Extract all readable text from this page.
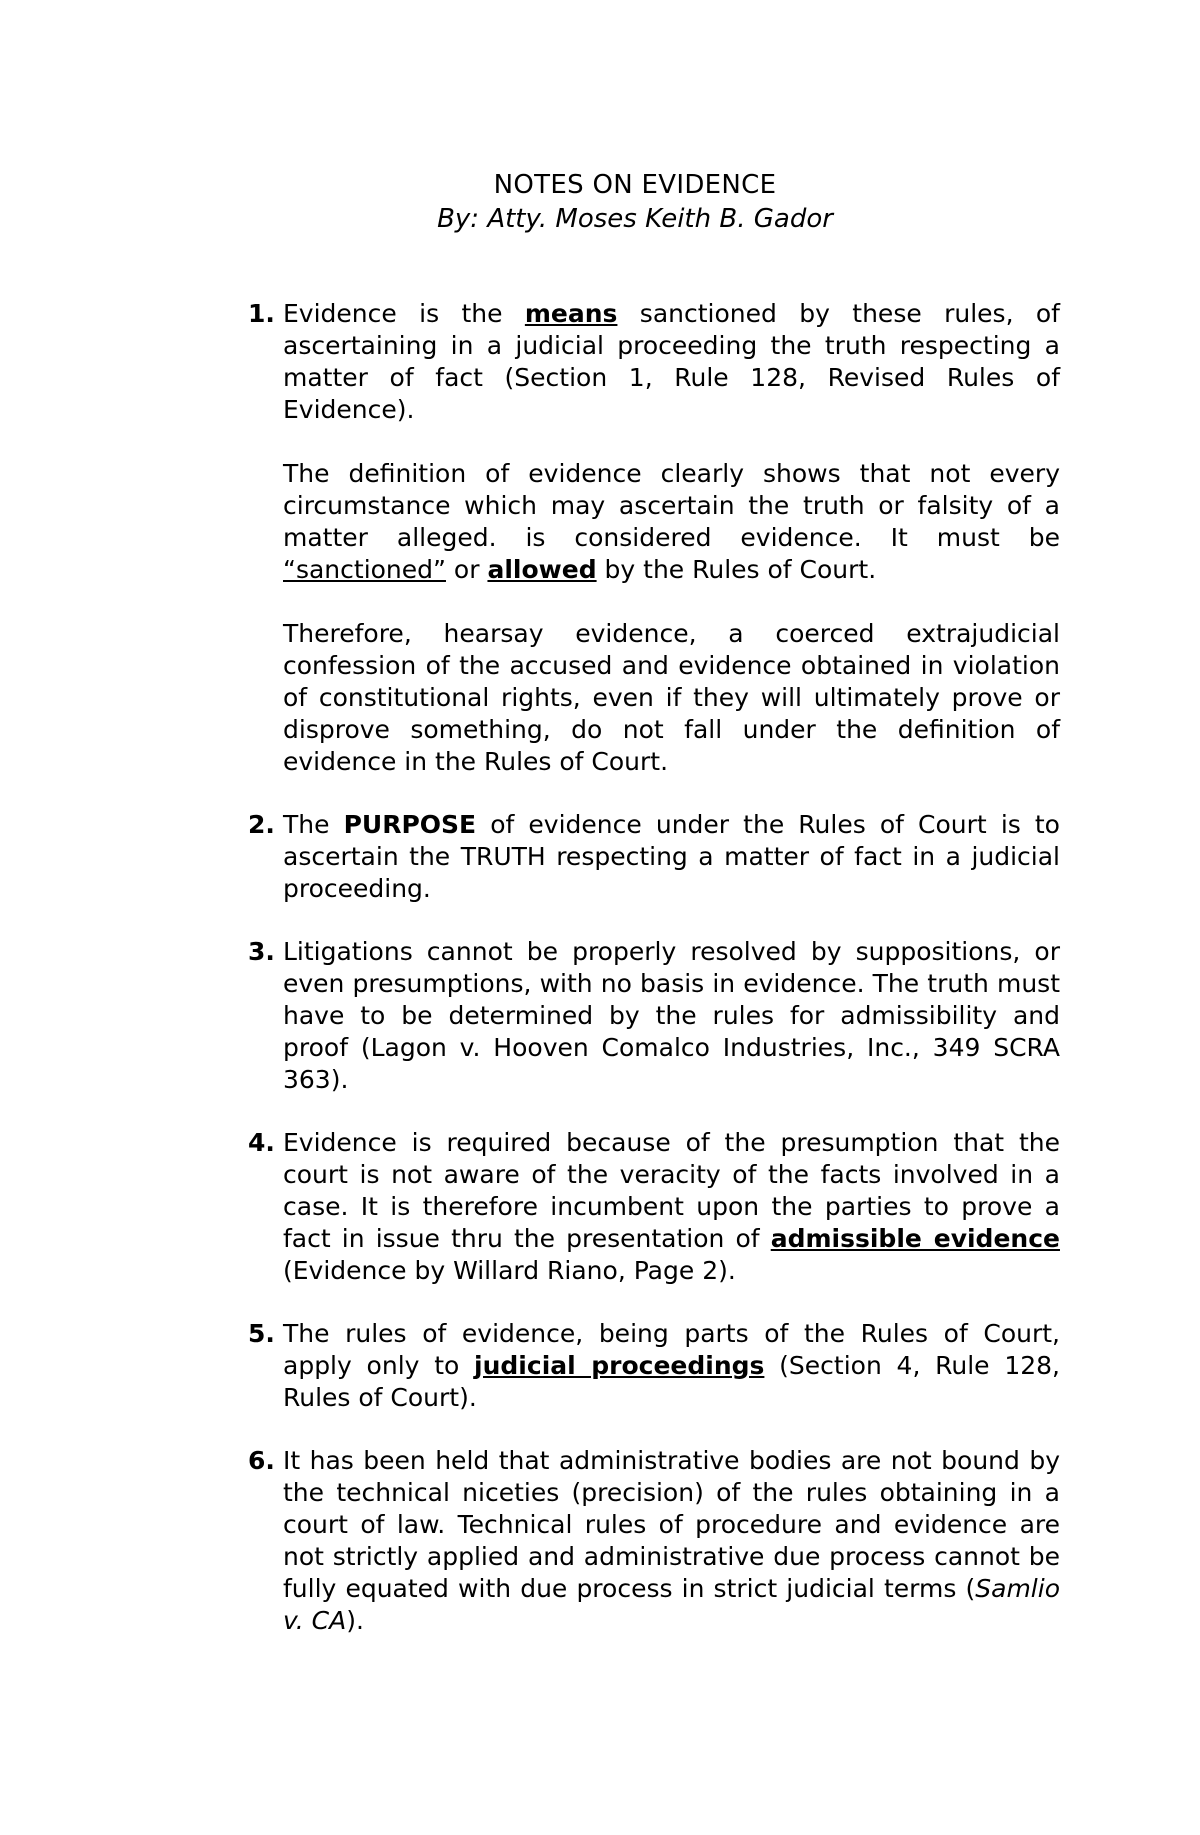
NOTES ON EVIDENCE
By: Atty. Moses Keith B. Gador
1. Evidence is the means sanctioned by these rules, of ascertaining in a judicial proceeding the truth respecting a matter of fact (Section 1, Rule 128, Revised Rules of Evidence).

The definition of evidence clearly shows that not every circumstance which may ascertain the truth or falsity of a matter alleged. is considered evidence. It must be “sanctioned” or allowed by the Rules of Court.

Therefore, hearsay evidence, a coerced extrajudicial confession of the accused and evidence obtained in violation of constitutional rights, even if they will ultimately prove or disprove something, do not fall under the definition of evidence in the Rules of Court.

2. The PURPOSE of evidence under the Rules of Court is to ascertain the TRUTH respecting a matter of fact in a judicial proceeding.

3. Litigations cannot be properly resolved by suppositions, or even presumptions, with no basis in evidence. The truth must have to be determined by the rules for admissibility and proof (Lagon v. Hooven Comalco Industries, Inc., 349 SCRA 363).

4. Evidence is required because of the presumption that the court is not aware of the veracity of the facts involved in a case. It is therefore incumbent upon the parties to prove a fact in issue thru the presentation of admissible evidence (Evidence by Willard Riano, Page 2).

5. The rules of evidence, being parts of the Rules of Court, apply only to judicial proceedings (Section 4, Rule 128, Rules of Court).

6. It has been held that administrative bodies are not bound by the technical niceties (precision) of the rules obtaining in a court of law. Technical rules of procedure and evidence are not strictly applied and administrative due process cannot be fully equated with due process in strict judicial terms (Samlio v. CA).
